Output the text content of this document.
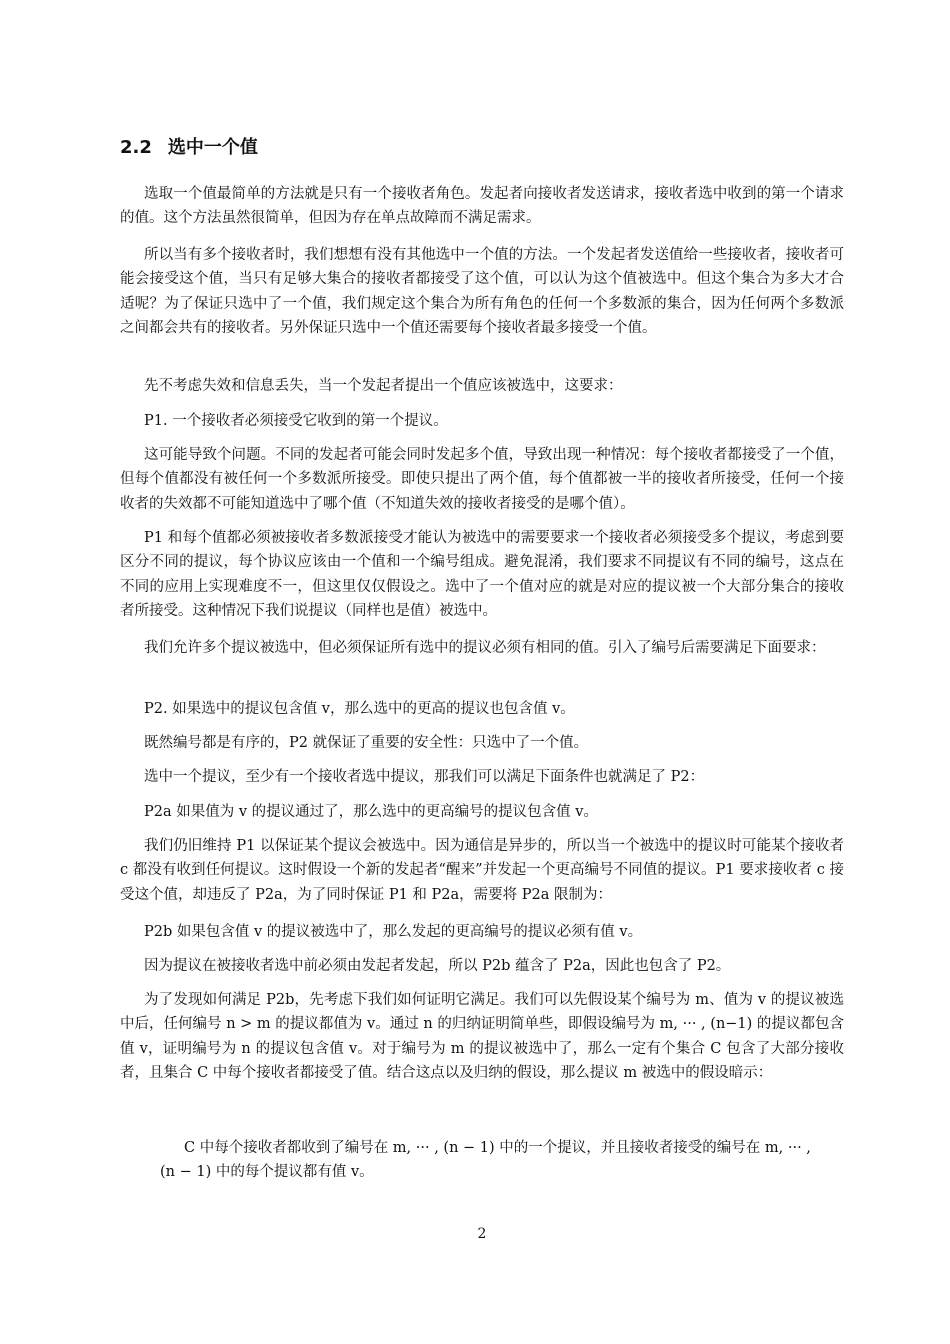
2.2 选中一个值

选取一个值最简单的方法就是只有一个接收者角色。发起者向接收者发送请求，接收者选中收到的第一个请求的值。这个方法虽然很简单，但因为存在单点故障而不满足需求。

所以当有多个接收者时，我们想想有没有其他选中一个值的方法。一个发起者发送值给一些接收者，接收者可能会接受这个值，当只有足够大集合的接收者都接受了这个值，可以认为这个值被选中。但这个集合为多大才合适呢？为了保证只选中了一个值，我们规定这个集合为所有角色的任何一个多数派的集合，因为任何两个多数派之间都会共有的接收者。另外保证只选中一个值还需要每个接收者最多接受一个值。

先不考虑失效和信息丢失，当一个发起者提出一个值应该被选中，这要求：

P1. 一个接收者必须接受它收到的第一个提议。

这可能导致个问题。不同的发起者可能会同时发起多个值，导致出现一种情况：每个接收者都接受了一个值，但每个值都没有被任何一个多数派所接受。即使只提出了两个值，每个值都被一半的接收者所接受，任何一个接收者的失效都不可能知道选中了哪个值（不知道失效的接收者接受的是哪个值）。

P1 和每个值都必须被接收者多数派接受才能认为被选中的需要要求一个接收者必须接受多个提议，考虑到要区分不同的提议，每个协议应该由一个值和一个编号组成。避免混淆，我们要求不同提议有不同的编号，这点在不同的应用上实现难度不一，但这里仅仅假设之。选中了一个值对应的就是对应的提议被一个大部分集合的接收者所接受。这种情况下我们说提议（同样也是值）被选中。

我们允许多个提议被选中，但必须保证所有选中的提议必须有相同的值。引入了编号后需要满足下面要求：

P2. 如果选中的提议包含值 v，那么选中的更高的提议也包含值 v。

既然编号都是有序的，P2 就保证了重要的安全性：只选中了一个值。

选中一个提议，至少有一个接收者选中提议，那我们可以满足下面条件也就满足了 P2：

P2a 如果值为 v 的提议通过了，那么选中的更高编号的提议包含值 v。

我们仍旧维持 P1 以保证某个提议会被选中。因为通信是异步的，所以当一个被选中的提议时可能某个接收者 c 都没有收到任何提议。这时假设一个新的发起者“醒来”并发起一个更高编号不同值的提议。P1 要求接收者 c 接受这个值，却违反了 P2a，为了同时保证 P1 和 P2a，需要将 P2a 限制为：

P2b 如果包含值 v 的提议被选中了，那么发起的更高编号的提议必须有值 v。

因为提议在被接收者选中前必须由发起者发起，所以 P2b 蕴含了 P2a，因此也包含了 P2。

为了发现如何满足 P2b，先考虑下我们如何证明它满足。我们可以先假设某个编号为 m、值为 v 的提议被选中后，任何编号 n > m 的提议都值为 v。通过 n 的归纳证明简单些，即假设编号为 m, ··· , (n−1) 的提议都包含值 v，证明编号为 n 的提议包含值 v。对于编号为 m 的提议被选中了，那么一定有个集合 C 包含了大部分接收者，且集合 C 中每个接收者都接受了值。结合这点以及归纳的假设，那么提议 m 被选中的假设暗示：

C 中每个接收者都收到了编号在 m, ··· , (n − 1) 中的一个提议，并且接收者接受的编号在 m, ··· , (n − 1) 中的每个提议都有值 v。

2
